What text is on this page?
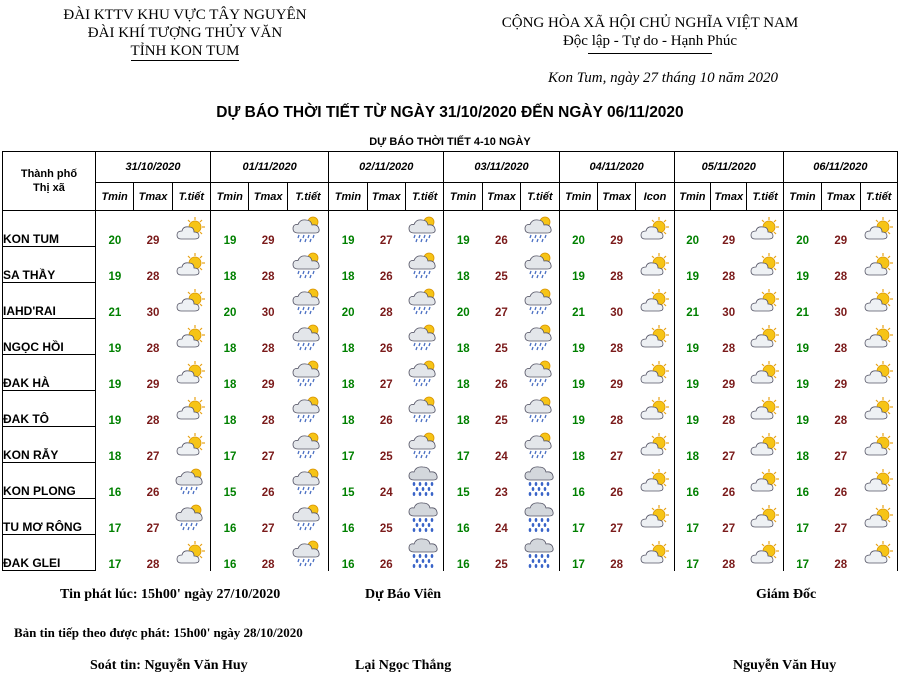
ĐÀI KTTV KHU VỰC TÂY NGUYÊN
ĐÀI KHÍ TƯỢNG THỦY VĂN
TỈNH KON TUM
CỘNG HÒA XÃ HỘI CHỦ NGHĨA VIỆT NAM
Độc lập - Tự do - Hạnh Phúc
Kon Tum, ngày 27 tháng 10 năm 2020
DỰ BÁO THỜI TIẾT TỪ NGÀY 31/10/2020 ĐẾN NGÀY 06/11/2020
DỰ BÁO THỜI TIẾT 4-10 NGÀY
Thành phố
Thị xã	31/10/2020			01/11/2020			02/11/2020			03/11/2020			04/11/2020			05/11/2020			06/11/2020		
	Tmin	Tmax	T.tiết	Tmin	Tmax	T.tiết	Tmin	Tmax	T.tiết	Tmin	Tmax	T.tiết	Tmin	Tmax	Icon	Tmin	Tmax	T.tiết	Tmin	Tmax	T.tiết
KON TUM	20	29		19	29		19	27		19	26		20	29		20	29		20	29	

SA THẦY	19	28		18	28		18	26		18	25		19	28		19	28		19	28	

IAHD'RAI	21	30		20	30		20	28		20	27		21	30		21	30		21	30	

NGỌC HỒI	19	28		18	28		18	26		18	25		19	28		19	28		19	28	

ĐAK HÀ	19	29		18	29		18	27		18	26		19	29		19	29		19	29	

ĐAK TÔ	19	28		18	28		18	26		18	25		19	28		19	28		19	28	

KON RẪY	18	27		17	27		17	25		17	24		18	27		18	27		18	27	

KON PLONG	16	26		15	26		15	24		15	23		16	26		16	26		16	26	

TU MƠ RÔNG	17	27		16	27		16	25		16	24		17	27		17	27		17	27	

ĐAK GLEI	17	28		16	28		16	26		16	25		17	28		17	28		17	28	
Tin phát lúc: 15h00' ngày 27/10/2020	Dự Báo Viên	Giám Đốc
Bản tin tiếp theo được phát: 15h00' ngày 28/10/2020
Soát tin: Nguyễn Văn Huy	Lại Ngọc Thắng	Nguyễn Văn Huy
